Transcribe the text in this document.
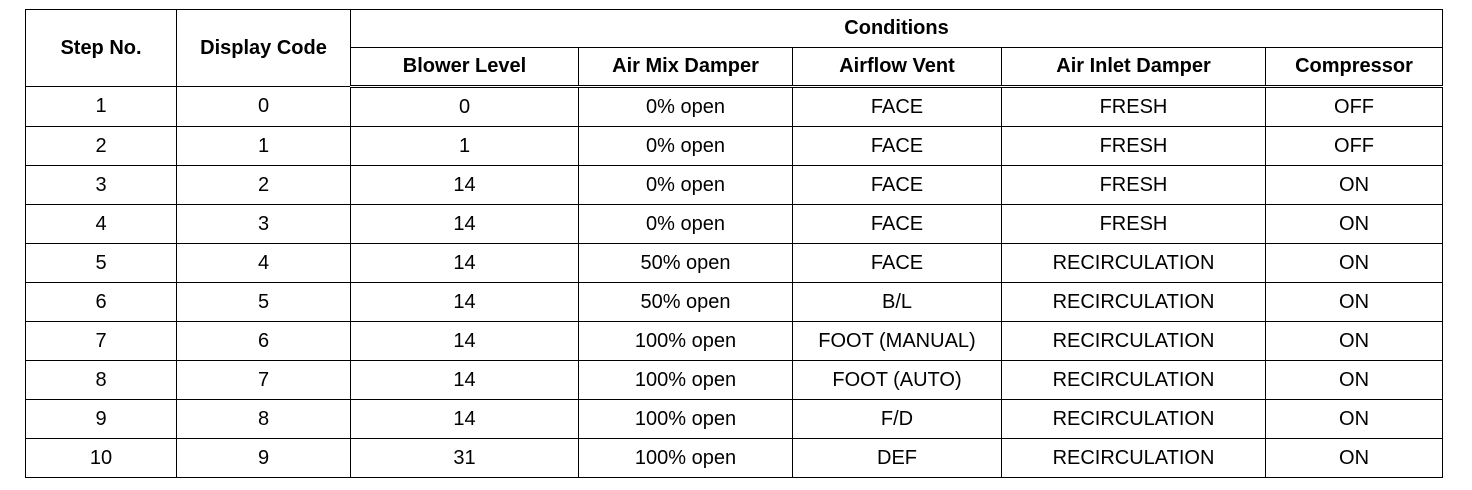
Step No.	Display Code	Conditions				
		Blower Level	Air Mix Damper	Airflow Vent	Air Inlet Damper	Compressor
1	0	0	0% open	FACE	FRESH	OFF
2	1	1	0% open	FACE	FRESH	OFF
3	2	14	0% open	FACE	FRESH	ON
4	3	14	0% open	FACE	FRESH	ON
5	4	14	50% open	FACE	RECIRCULATION	ON
6	5	14	50% open	B/L	RECIRCULATION	ON
7	6	14	100% open	FOOT (MANUAL)	RECIRCULATION	ON
8	7	14	100% open	FOOT (AUTO)	RECIRCULATION	ON
9	8	14	100% open	F/D	RECIRCULATION	ON
10	9	31	100% open	DEF	RECIRCULATION	ON
